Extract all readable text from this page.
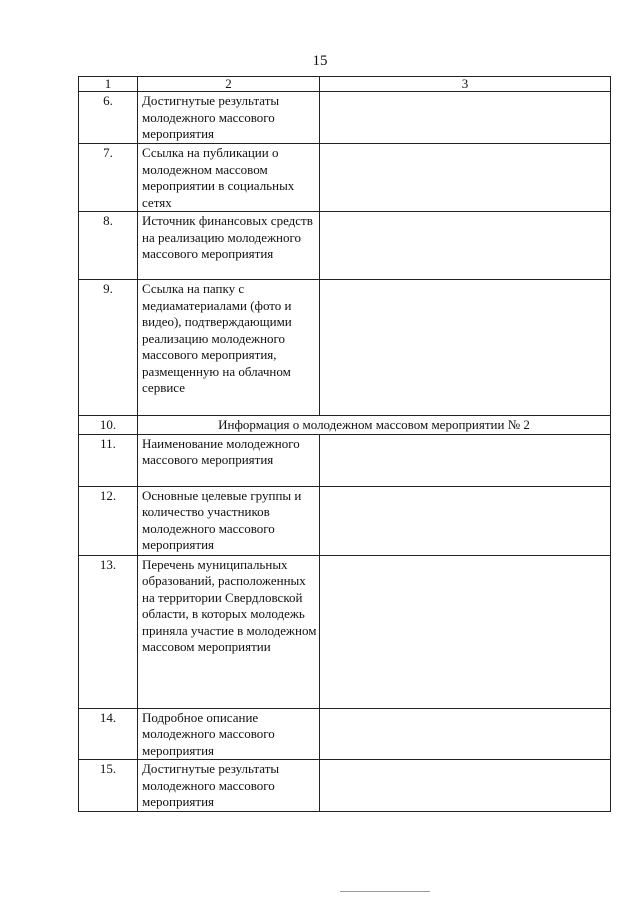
15
1	2	3
6.	Достигнутые результаты молодежного массового мероприятия	
7.	Ссылка на публикации о молодежном массовом мероприятии в социальных сетях	
8.	Источник финансовых средств на реализацию молодежного массового мероприятия	
9.	Ссылка на папку с медиаматериалами (фото и видео), подтверждающими реализацию молодежного массового мероприятия, размещенную на облачном сервисе	
10.	Информация о молодежном массовом мероприятии № 2	
11.	Наименование молодежного массового мероприятия	
12.	Основные целевые группы и количество участников молодежного массового мероприятия	
13.	Перечень муниципальных образований, расположенных на территории Свердловской области, в которых молодежь приняла участие в молодежном массовом мероприятии	
14.	Подробное описание молодежного массового мероприятия	
15.	Достигнутые результаты молодежного массового мероприятия	
